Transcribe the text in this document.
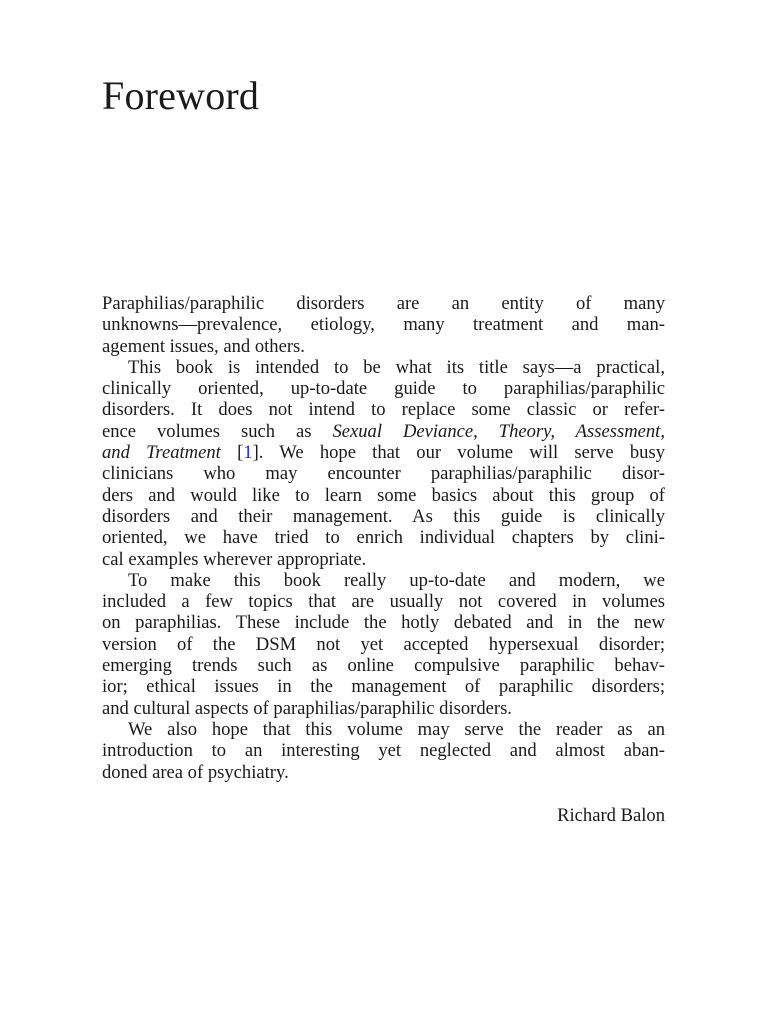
Foreword
Paraphilias/paraphilic disorders are an entity of many
unknowns—prevalence, etiology, many treatment and man-
agement issues, and others.
This book is intended to be what its title says—a practical,
clinically oriented, up-to-date guide to paraphilias/paraphilic
disorders. It does not intend to replace some classic or refer-
ence volumes such as Sexual Deviance, Theory, Assessment,
and Treatment [1]. We hope that our volume will serve busy
clinicians who may encounter paraphilias/paraphilic disor-
ders and would like to learn some basics about this group of
disorders and their management. As this guide is clinically
oriented, we have tried to enrich individual chapters by clini-
cal examples wherever appropriate.
To make this book really up-to-date and modern, we
included a few topics that are usually not covered in volumes
on paraphilias. These include the hotly debated and in the new
version of the DSM not yet accepted hypersexual disorder;
emerging trends such as online compulsive paraphilic behav-
ior; ethical issues in the management of paraphilic disorders;
and cultural aspects of paraphilias/paraphilic disorders.
We also hope that this volume may serve the reader as an
introduction to an interesting yet neglected and almost aban-
doned area of psychiatry.

Richard Balon
